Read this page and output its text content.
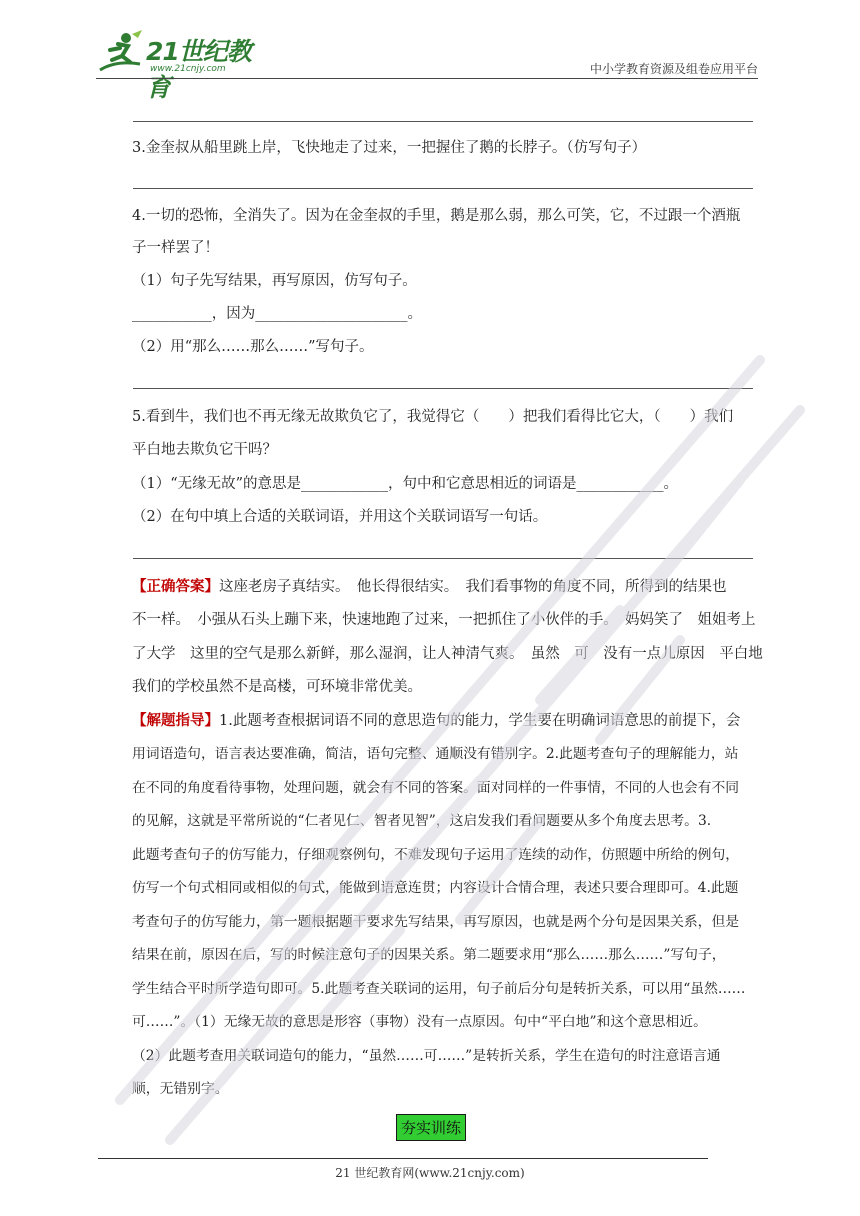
21世纪教育
www.21cnjy.com	中小学教育资源及组卷应用平台
3.金奎叔从船里跳上岸，飞快地走了过来，一把握住了鹅的长脖子。（仿写句子）
4.一切的恐怖，全消失了。因为在金奎叔的手里，鹅是那么弱，那么可笑，它，不过跟一个酒瓶
子一样罢了！
（1）句子先写结果，再写原因，仿写句子。
___________，因为_____________________。
（2）用“那么……那么……”写句子。
5.看到牛，我们也不再无缘无故欺负它了，我觉得它（　　）把我们看得比它大，（　　）我们
平白地去欺负它干吗？
（1）“无缘无故”的意思是____________，句中和它意思相近的词语是____________。
（2）在句中填上合适的关联词语，并用这个关联词语写一句话。
【正确答案】这座老房子真结实。　他长得很结实。　我们看事物的角度不同，所得到的结果也
不一样。　小强从石头上蹦下来，快速地跑了过来，一把抓住了小伙伴的手。　妈妈笑了　姐姐考上
了大学　这里的空气是那么新鲜，那么湿润，让人神清气爽。　虽然　可　没有一点儿原因　平白地
我们的学校虽然不是高楼，可环境非常优美。
【解题指导】1.此题考查根据词语不同的意思造句的能力，学生要在明确词语意思的前提下，会
用词语造句，语言表达要准确，简洁，语句完整、通顺没有错别字。2.此题考查句子的理解能力，站
在不同的角度看待事物，处理问题，就会有不同的答案。面对同样的一件事情，不同的人也会有不同
的见解，这就是平常所说的“仁者见仁、智者见智”，这启发我们看问题要从多个角度去思考。3.
此题考查句子的仿写能力，仔细观察例句，不难发现句子运用了连续的动作，仿照题中所给的例句，
仿写一个句式相同或相似的句式，能做到语意连贯；内容设计合情合理，表述只要合理即可。4.此题
考查句子的仿写能力，第一题根据题干要求先写结果，再写原因，也就是两个分句是因果关系，但是
结果在前，原因在后，写的时候注意句子的因果关系。第二题要求用“那么……那么……”写句子，
学生结合平时所学造句即可。5.此题考查关联词的运用，句子前后分句是转折关系，可以用“虽然……
可……”。（1）无缘无故的意思是形容（事物）没有一点原因。句中“平白地”和这个意思相近。
（2）此题考查用关联词造句的能力，“虽然……可……”是转折关系，学生在造句的时注意语言通
顺，无错别字。
夯实训练
21 世纪教育网(www.21cnjy.com)
